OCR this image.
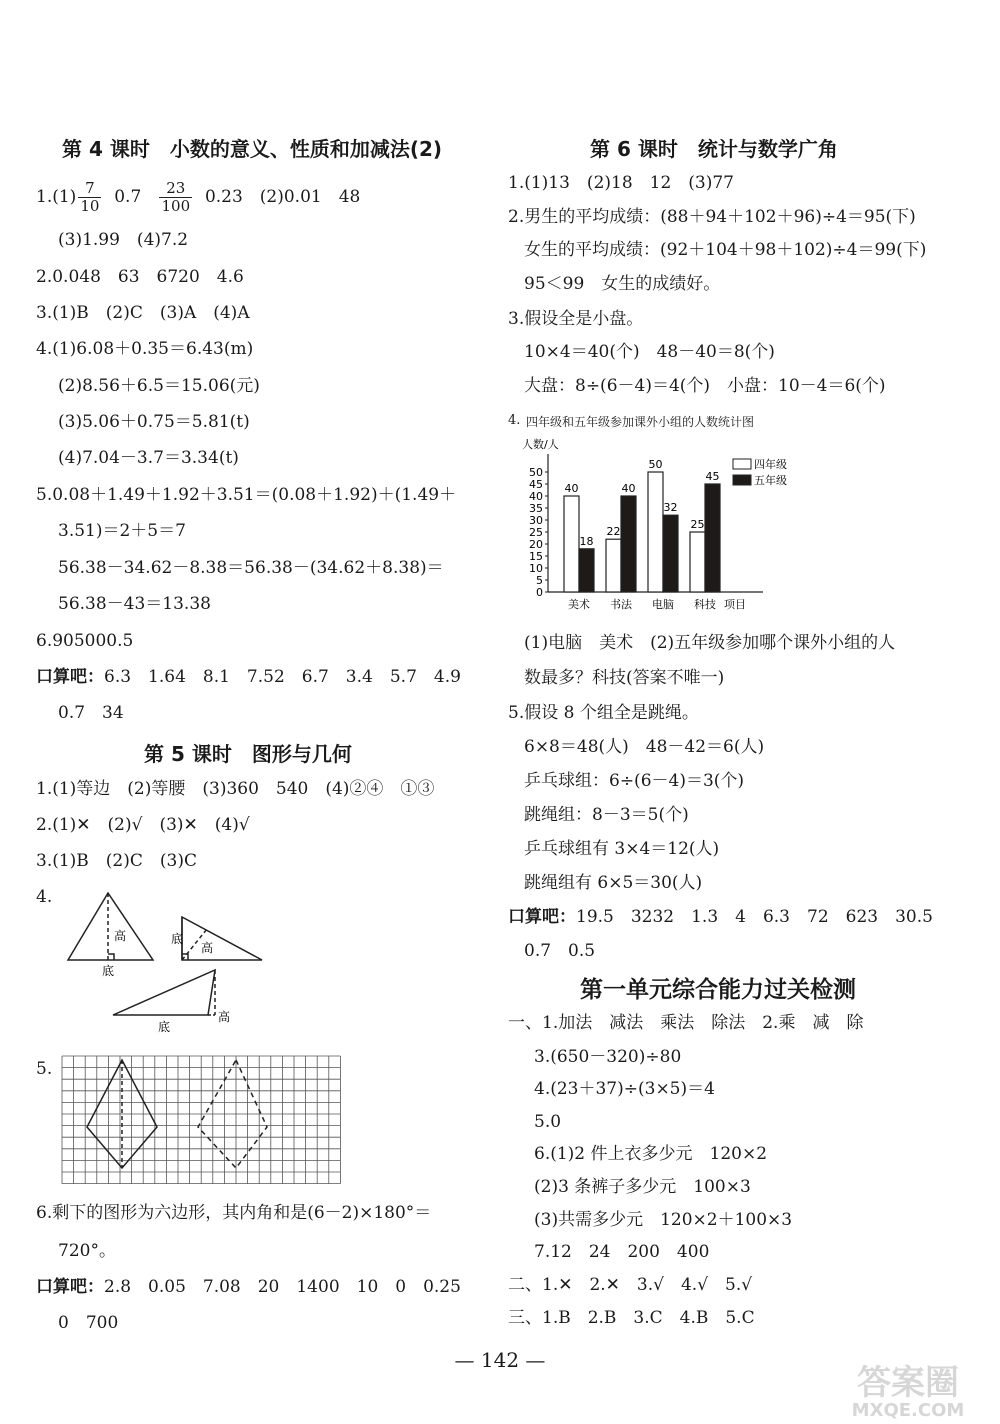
第 4 课时　小数的意义、性质和加减法(2)
$1.(1) \frac{7}{10} 0.7 \frac{23}{100} 0.23$　(2)0.01　48
(3)1.99　(4)7.2
2.0.048　63　6720　4.6
3.(1)B　(2)C　(3)A　(4)A
4.(1)6.08＋0.35＝6.43(m)
(2)8.56＋6.5＝15.06(元)
(3)5.06＋0.75＝5.81(t)
(4)7.04－3.7＝3.34(t)
5.0.08＋1.49＋1.92＋3.51＝(0.08＋1.92)＋(1.49＋
3.51)＝2＋5＝7
56.38－34.62－8.38＝56.38－(34.62＋8.38)＝
56.38－43＝13.38
6.905000.5
口算吧：6.3　1.64　8.1　7.52　6.7　3.4　5.7　4.9
0.7　34
第 5 课时　图形与几何
1.(1)等边　(2)等腰　(3)360　540　(4)②④　①③
2.(1)✕　(2)√　(3)✕　(4)√
3.(1)B　(2)C　(3)C
4.
高
底
底
高
底
高
5.
6.剩下的图形为六边形，其内角和是(6－2)×180°＝
720°。
口算吧：2.8　0.05　7.08　20　1400　10　0　0.25
0　700
第 6 课时　统计与数学广角
1.(1)13　(2)18　12　(3)77
2.男生的平均成绩：(88＋94＋102＋96)÷4＝95(下)
女生的平均成绩：(92＋104＋98＋102)÷4＝99(下)
95＜99　女生的成绩好。
3.假设全是小盘。
10×4＝40(个)　48－40＝8(个)
大盘：8÷(6－4)＝4(个)　小盘：10－4＝6(个)
4. 四年级和五年级参加课外小组的人数统计图
人数/人
0
5
10
15
20
25
30
35
40
45
50
40
18
美术
22
40
书法
50
32
电脑
25
45
科技 项目
四年级
五年级
(1)电脑　美术　(2)五年级参加哪个课外小组的人
数最多？科技(答案不唯一)
5.假设 8 个组全是跳绳。
6×8＝48(人)　48－42＝6(人)
乒乓球组：6÷(6－4)＝3(个)
跳绳组：8－3＝5(个)
乒乓球组有 3×4＝12(人)
跳绳组有 6×5＝30(人)
口算吧：19.5　3232　1.3　4　6.3　72　623　30.5
0.7　0.5
第一单元综合能力过关检测
一、1.加法　减法　乘法　除法　2.乘　减　除
3.(650－320)÷80
4.(23＋37)÷(3×5)＝4
5.0
6.(1)2 件上衣多少元　120×2
(2)3 条裤子多少元　100×3
(3)共需多少元　120×2＋100×3
7.12　24　200　400
二、1.✕　2.✕　3.√　4.√　5.√
三、1.B　2.B　3.C　4.B　5.C
— 142 —
答案圈
MXQE.COM
